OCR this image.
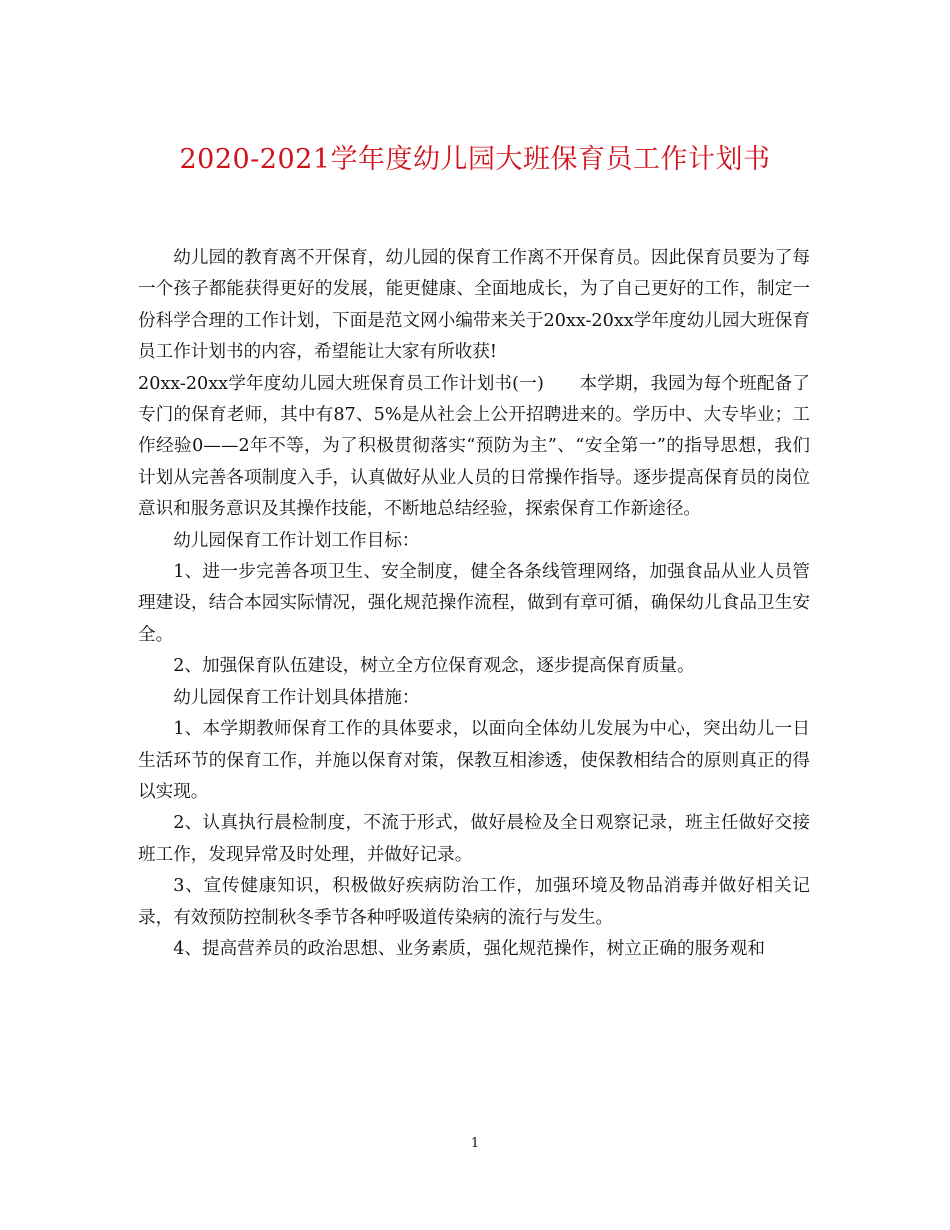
2020-2021学年度幼儿园大班保育员工作计划书

幼儿园的教育离不开保育，幼儿园的保育工作离不开保育员。因此保育员要为了每一个孩子都能获得更好的发展，能更健康、全面地成长，为了自己更好的工作，制定一份科学合理的工作计划，下面是范文网小编带来关于20xx-20xx学年度幼儿园大班保育员工作计划书的内容，希望能让大家有所收获!

20xx-20xx学年度幼儿园大班保育员工作计划书(一)　　本学期，我园为每个班配备了专门的保育老师，其中有87、5%是从社会上公开招聘进来的。学历中、大专毕业；工作经验0——2年不等，为了积极贯彻落实“预防为主”、“安全第一”的指导思想，我们计划从完善各项制度入手，认真做好从业人员的日常操作指导。逐步提高保育员的岗位意识和服务意识及其操作技能，不断地总结经验，探索保育工作新途径。

幼儿园保育工作计划工作目标：

1、进一步完善各项卫生、安全制度，健全各条线管理网络，加强食品从业人员管理建设，结合本园实际情况，强化规范操作流程，做到有章可循，确保幼儿食品卫生安全。

2、加强保育队伍建设，树立全方位保育观念，逐步提高保育质量。

幼儿园保育工作计划具体措施：

1、本学期教师保育工作的具体要求，以面向全体幼儿发展为中心，突出幼儿一日生活环节的保育工作，并施以保育对策，保教互相渗透，使保教相结合的原则真正的得以实现。

2、认真执行晨检制度，不流于形式，做好晨检及全日观察记录，班主任做好交接班工作，发现异常及时处理，并做好记录。

3、宣传健康知识，积极做好疾病防治工作，加强环境及物品消毒并做好相关记录，有效预防控制秋冬季节各种呼吸道传染病的流行与发生。

4、提高营养员的政治思想、业务素质，强化规范操作，树立正确的服务观和

1
